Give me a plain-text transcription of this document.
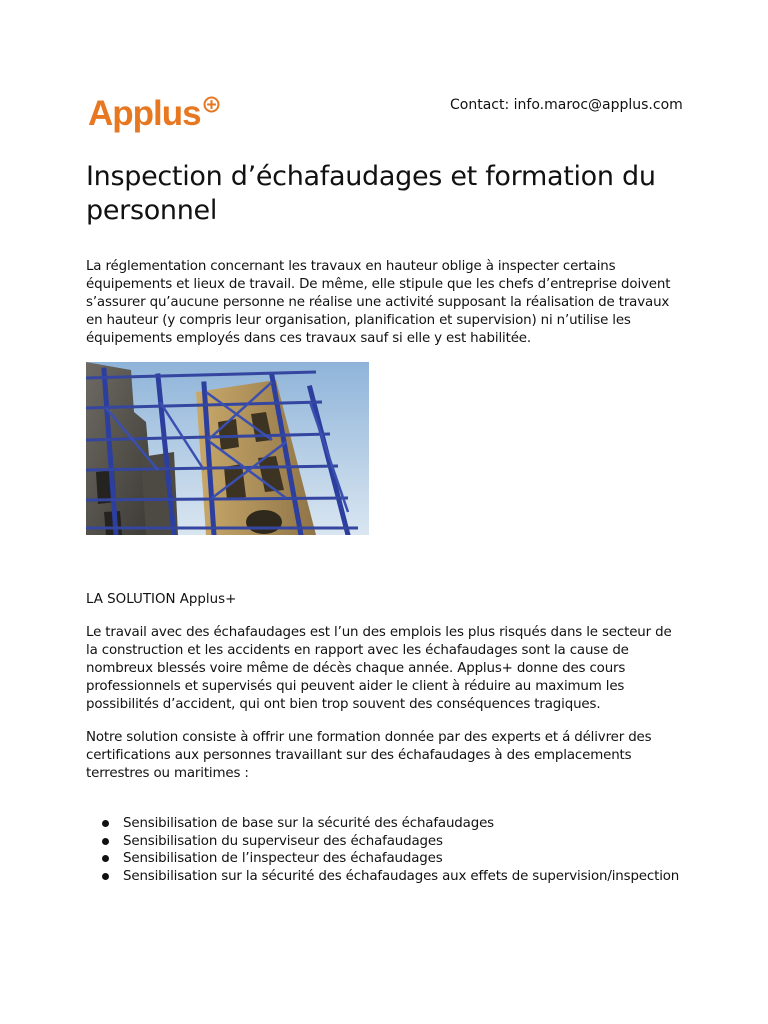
Applus	Contact: info.maroc@applus.com
Inspection d’échafaudages et formation du personnel

La réglementation concernant les travaux en hauteur oblige à inspecter certains équipements et lieux de travail. De même, elle stipule que les chefs d’entreprise doivent s’assurer qu’aucune personne ne réalise une activité supposant la réalisation de travaux en hauteur (y compris leur organisation, planification et supervision) ni n’utilise les équipements employés dans ces travaux sauf si elle y est habilitée.

LA SOLUTION Applus+

Le travail avec des échafaudages est l’un des emplois les plus risqués dans le secteur de la construction et les accidents en rapport avec les échafaudages sont la cause de nombreux blessés voire même de décès chaque année. Applus+ donne des cours professionnels et supervisés qui peuvent aider le client à réduire au maximum les possibilités d’accident, qui ont bien trop souvent des conséquences tragiques.

Notre solution consiste à offrir une formation donnée par des experts et á délivrer des certifications aux personnes travaillant sur des échafaudages à des emplacements terrestres ou maritimes :

Sensibilisation de base sur la sécurité des échafaudages
Sensibilisation du superviseur des échafaudages
Sensibilisation de l’inspecteur des échafaudages
Sensibilisation sur la sécurité des échafaudages aux effets de supervision/inspection
